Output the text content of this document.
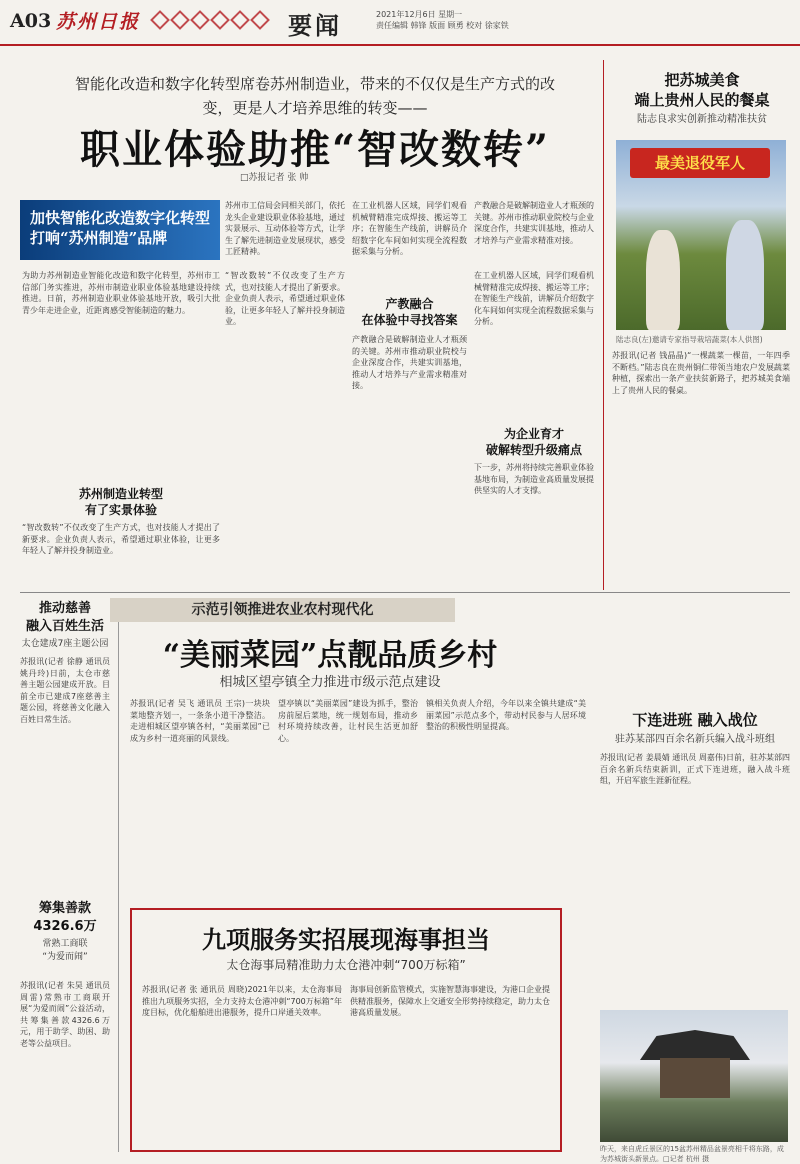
A03 苏州日报	要闻	2021年12月6日 星期一
责任编辑 韩锋 版面 顾勇 校对 徐家铁
智能化改造和数字化转型席卷苏州制造业，带来的不仅仅是生产方式的改
变，更是人才培养思维的转变——
职业体验助推“智改数转”
□苏报记者 张 帅
加快智能化改造数字化转型
打响“苏州制造”品牌
苏州市工信局会同相关部门，依托龙头企业建设职业体验基地，通过实景展示、互动体验等方式，让学生了解先进制造业发展现状，感受工匠精神。
在工业机器人区域，同学们观看机械臂精准完成焊接、搬运等工序；在智能生产线前，讲解员介绍数字化车间如何实现全流程数据采集与分析。
产教融合是破解制造业人才瓶颈的关键。苏州市推动职业院校与企业深度合作，共建实训基地，推动人才培养与产业需求精准对接。
为助力苏州制造业智能化改造和数字化转型，苏州市工信部门务实推进，苏州市制造业职业体验基地建设持续推进。日前，苏州制造业职业体验基地开放，吸引大批青少年走进企业，近距离感受智能制造的魅力。
苏州制造业转型
有了实景体验
“智改数转”不仅改变了生产方式，也对技能人才提出了新要求。企业负责人表示，希望通过职业体验，让更多年轻人了解并投身制造业。
“智改数转”不仅改变了生产方式，也对技能人才提出了新要求。企业负责人表示，希望通过职业体验，让更多年轻人了解并投身制造业。
产教融合
在体验中寻找答案
产教融合是破解制造业人才瓶颈的关键。苏州市推动职业院校与企业深度合作，共建实训基地，推动人才培养与产业需求精准对接。
在工业机器人区域，同学们观看机械臂精准完成焊接、搬运等工序；在智能生产线前，讲解员介绍数字化车间如何实现全流程数据采集与分析。
为企业育才
破解转型升级痛点
下一步，苏州将持续完善职业体验基地布局，为制造业高质量发展提供坚实的人才支撑。
把苏城美食
端上贵州人民的餐桌
陆志良求实创新推动精准扶贫
最美退役军人
陆志良(左)邀请专家指导栽培蔬菜(本人供图)
苏报讯(记者 钱晶晶)“一棵蔬菜一棵苗，一年四季不断档。”陆志良在贵州铜仁带领当地农户发展蔬菜种植，探索出一条产业扶贫新路子，把苏城美食端上了贵州人民的餐桌。
推动慈善
融入百姓生活
太仓建成7座主题公园
苏报讯(记者 徐静 通讯员 姚丹玲)日前，太仓市慈善主题公园建成开放。目前全市已建成7座慈善主题公园，将慈善文化融入百姓日常生活。
筹集善款
4326.6万
常熟工商联
“为爱而闹”
苏报讯(记者 朱昊 通讯员 周雷)常熟市工商联开展“为爱而闹”公益活动，共筹集善款4326.6万元，用于助学、助困、助老等公益项目。
示范引领推进农业农村现代化
“美丽菜园”点靓品质乡村
相城区望亭镇全力推进市级示范点建设
苏报讯(记者 吴飞 通讯员 王宗)一块块菜地整齐划一，一条条小道干净整洁。走进相城区望亭镇各村，“美丽菜园”已成为乡村一道亮丽的风景线。
望亭镇以“美丽菜园”建设为抓手，整治房前屋后菜地，统一规划布局，推动乡村环境持续改善，让村民生活更加舒心。
镇相关负责人介绍，今年以来全镇共建成“美丽菜园”示范点多个，带动村民参与人居环境整治的积极性明显提高。	下连进班 融入战位
驻苏某部四百余名新兵编入战斗班组
苏报讯(记者 姜晨婧 通讯员 周嘉伟)日前，驻苏某部四百余名新兵结束新训，正式下连进班，融入战斗班组，开启军旅生涯新征程。
九项服务实招展现海事担当
太仓海事局精准助力太仓港冲刺“700万标箱”
苏报讯(记者 张 通讯员 周晓)2021年以来，太仓海事局推出九项服务实招，全力支持太仓港冲刺“700万标箱”年度目标，优化船舶进出港服务，提升口岸通关效率。
海事局创新监管模式，实施智慧海事建设，为港口企业提供精准服务，保障水上交通安全形势持续稳定，助力太仓港高质量发展。
昨天，来自虎丘景区的15盆苏州精品盆景亮相千将东路，成为苏城街头新景点。□记者 杭州 摄
